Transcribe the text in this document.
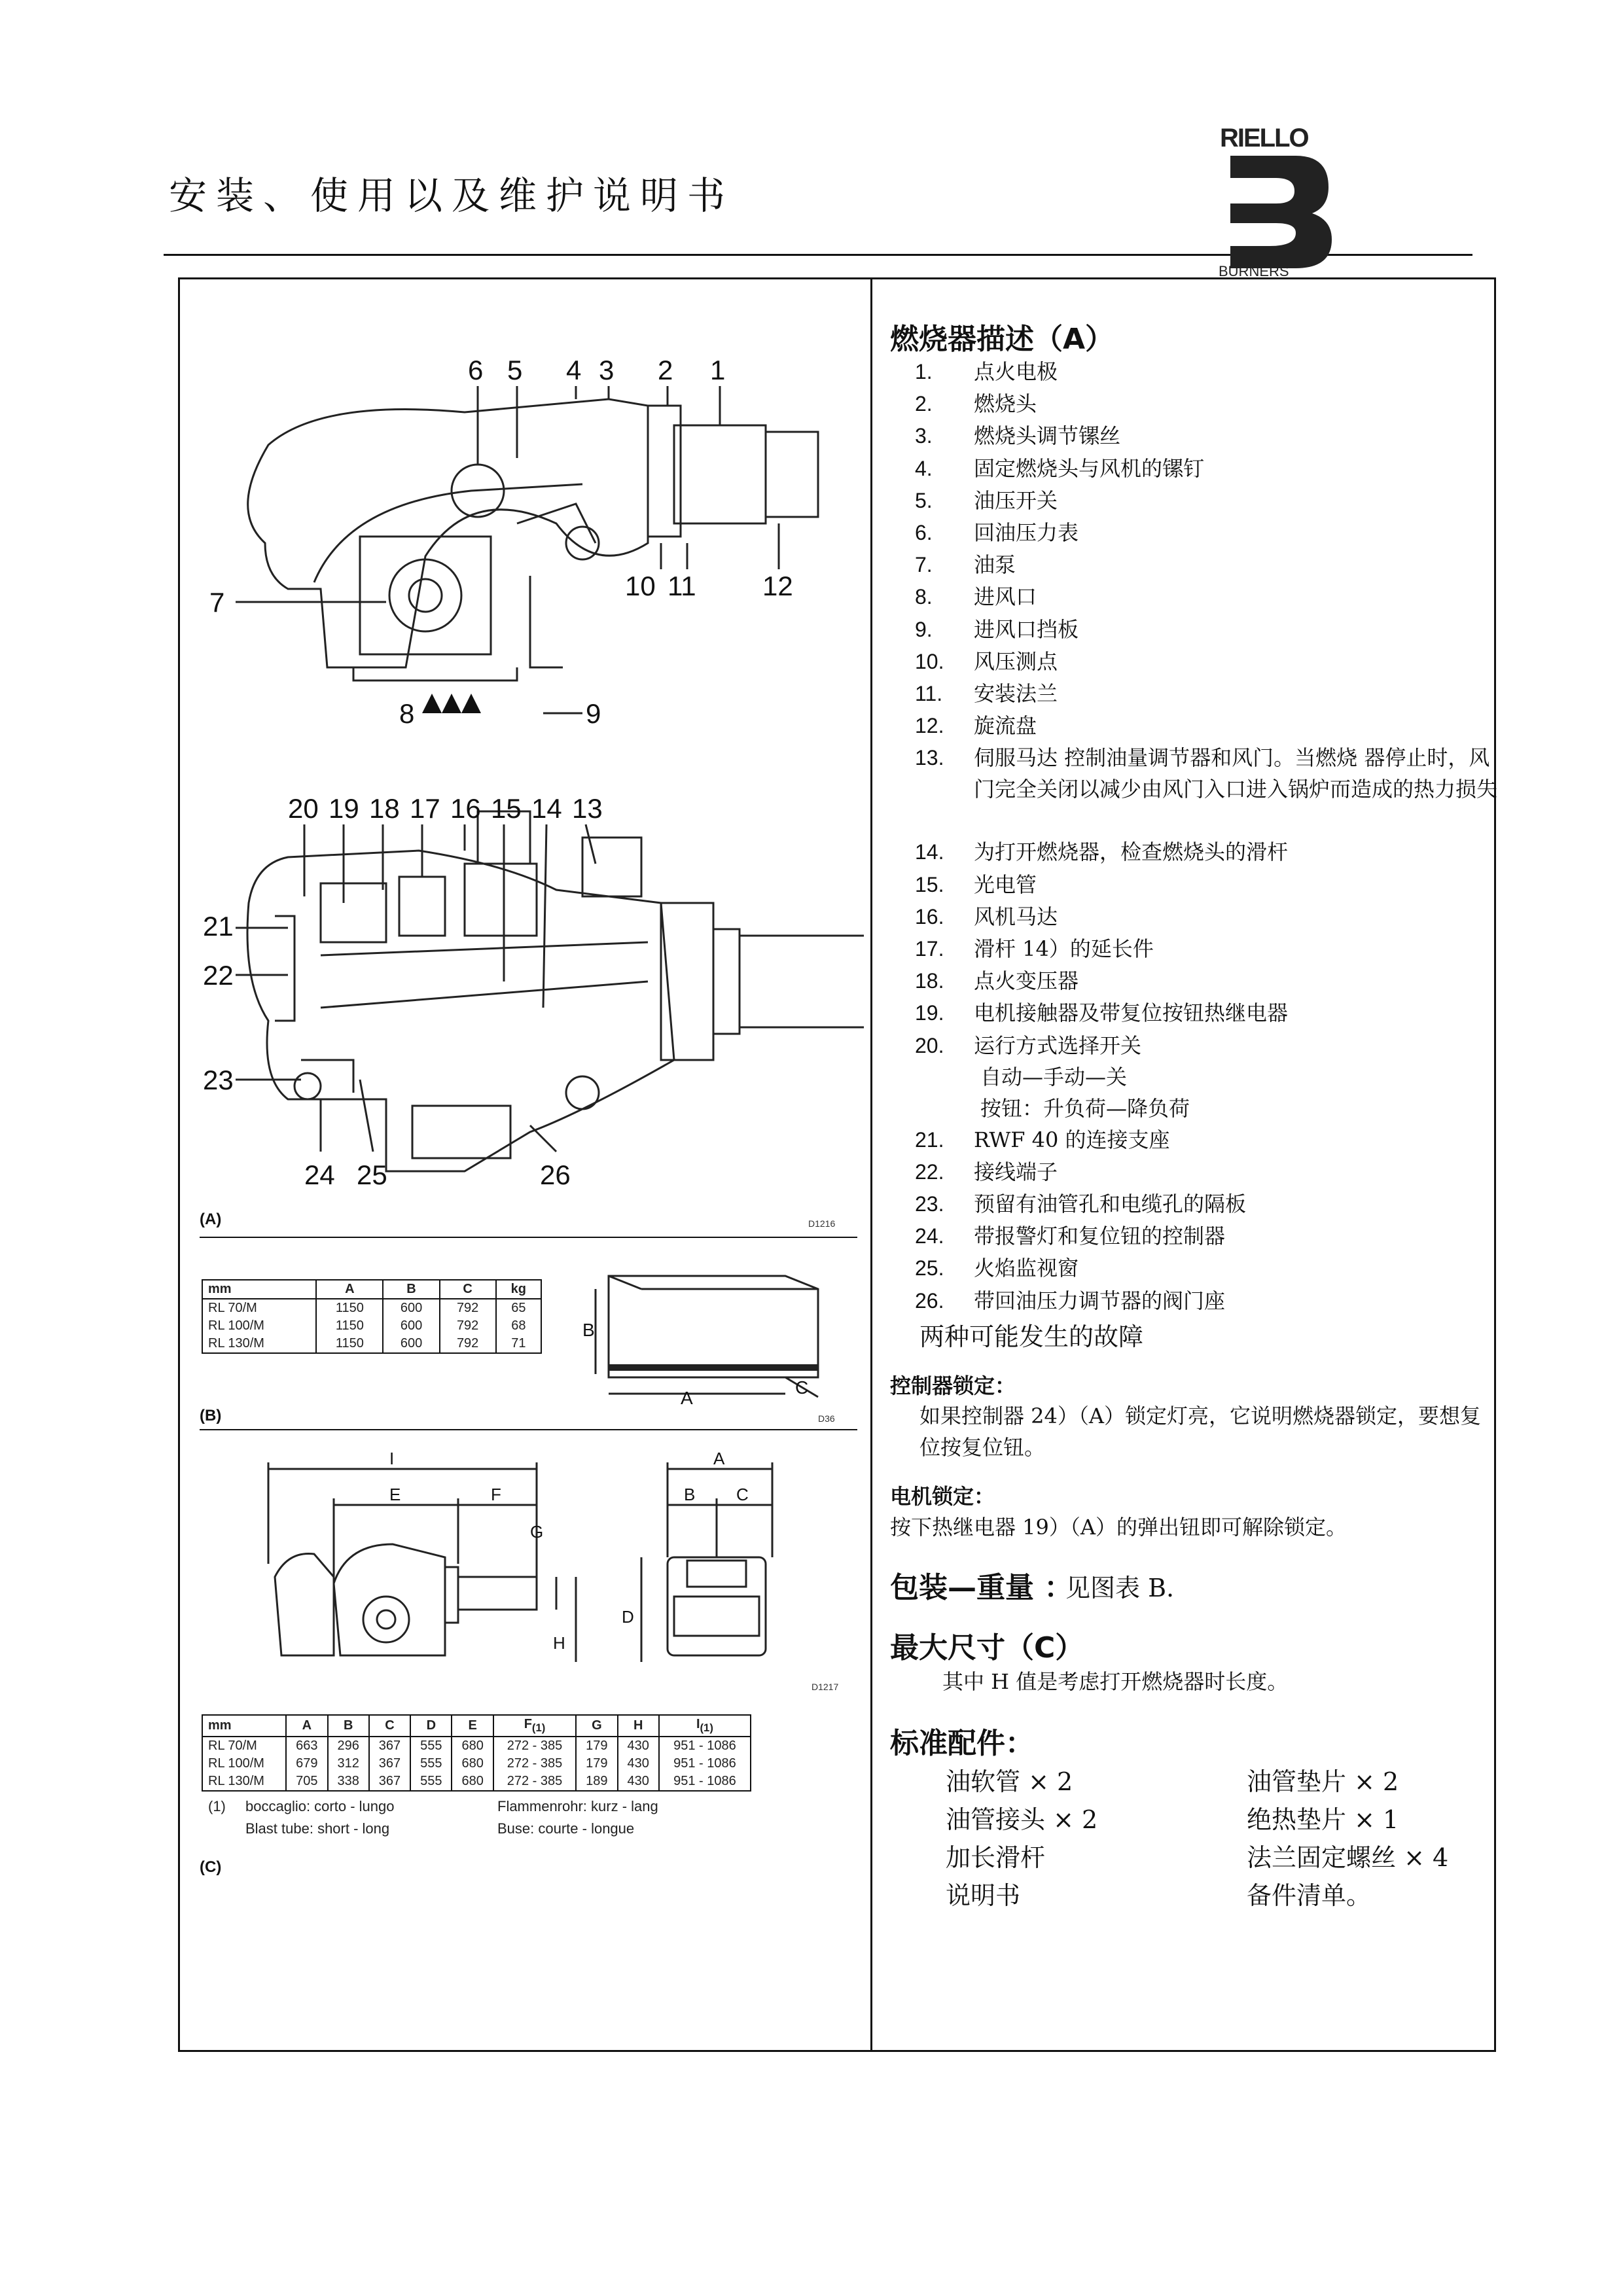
安装、使用以及维护说明书
RIELLO
BURNERS
6 5 4 3 2 1
7
10 11 12
9
8
20 19 18 17 16 15 14 13
21
22
23
24 25	26
(A)	D1216
mm	A	B	C	kg
RL 70/M	1150	600	792	65
RL 100/M	1150	600	792	68
RL 130/M	1150	600	792	71
A
B
C
(B)	D36
I
E	F
G
H
A
B C
D
D1217
mm	A	B	C	D	E	$F_{(1)}$	G	H	$I_{(1)}$
RL 70/M	663	296	367	555	680	272 - 385	179	430	951 - 1086
RL 100/M	679	312	367	555	680	272 - 385	179	430	951 - 1086
RL 130/M	705	338	367	555	680	272 - 385	189	430	951 - 1086
(1) boccaglio: corto - lungo	Flammenrohr: kurz - lang
Blast tube: short - long	Buse: courte - longue
(C)
燃烧器描述（A）
1.	点火电极
2.	燃烧头
3.	燃烧头调节镙丝
4.	固定燃烧头与风机的镙钉
5.	油压开关
6.	回油压力表
7.	油泵
8.	进风口
9.	进风口挡板
10.	风压测点
11.	安装法兰
12.	旋流盘
13.	伺服马达 控制油量调节器和风门。当燃烧 器停止时，风门完全关闭以减少由风门入口进入锅炉而造成的热力损失
14.	为打开燃烧器，检查燃烧头的滑杆
15.	光电管
16.	风机马达
17.	滑杆 14）的延长件
18.	点火变压器
19.	电机接触器及带复位按钮热继电器
20.	运行方式选择开关
自动—手动—关
按钮：升负荷—降负荷
21.	RWF 40 的连接支座
22.	接线端子
23.	预留有油管孔和电缆孔的隔板
24.	带报警灯和复位钮的控制器
25.	火焰监视窗
26.	带回油压力调节器的阀门座
两种可能发生的故障
控制器锁定：
如果控制器 24）（A）锁定灯亮，它说明燃烧器锁定，要想复位按复位钮。
电机锁定：
按下热继电器 19）（A）的弹出钮即可解除锁定。
包装—重量 ：
见图表 B.
最大尺寸（C）
其中 H 值是考虑打开燃烧器时长度。
标准配件：
油软管 × 2	油管垫片 × 2
油管接头 × 2	绝热垫片 × 1
加长滑杆	法兰固定螺丝 × 4
说明书	备件清单。
